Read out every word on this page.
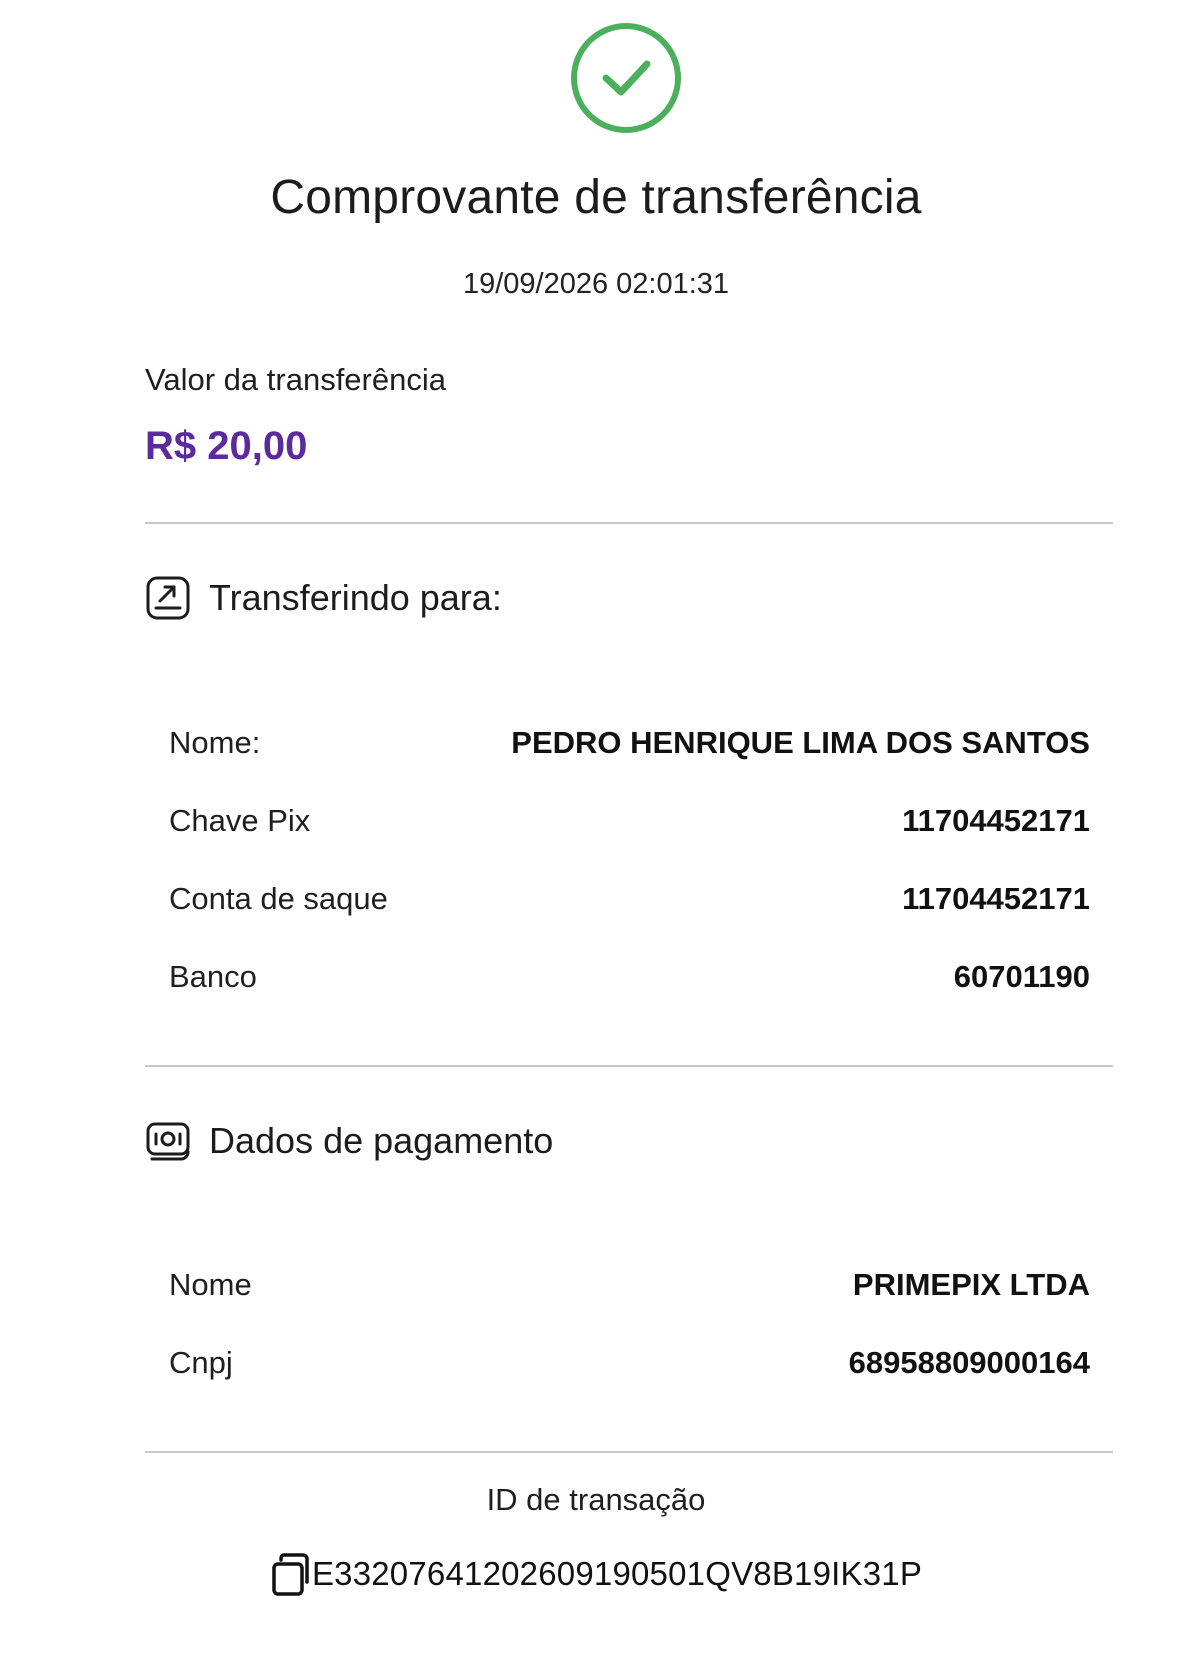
Comprovante de transferência
19/09/2026 02:01:31
Valor da transferência
R$ 20,00
Transferindo para:
Nome:	PEDRO HENRIQUE LIMA DOS SANTOS
Chave Pix	11704452171
Conta de saque	11704452171
Banco	60701190
Dados de pagamento
Nome	PRIMEPIX LTDA
Cnpj	68958809000164
ID de transação
E33207641202609190501QV8B19IK31P
